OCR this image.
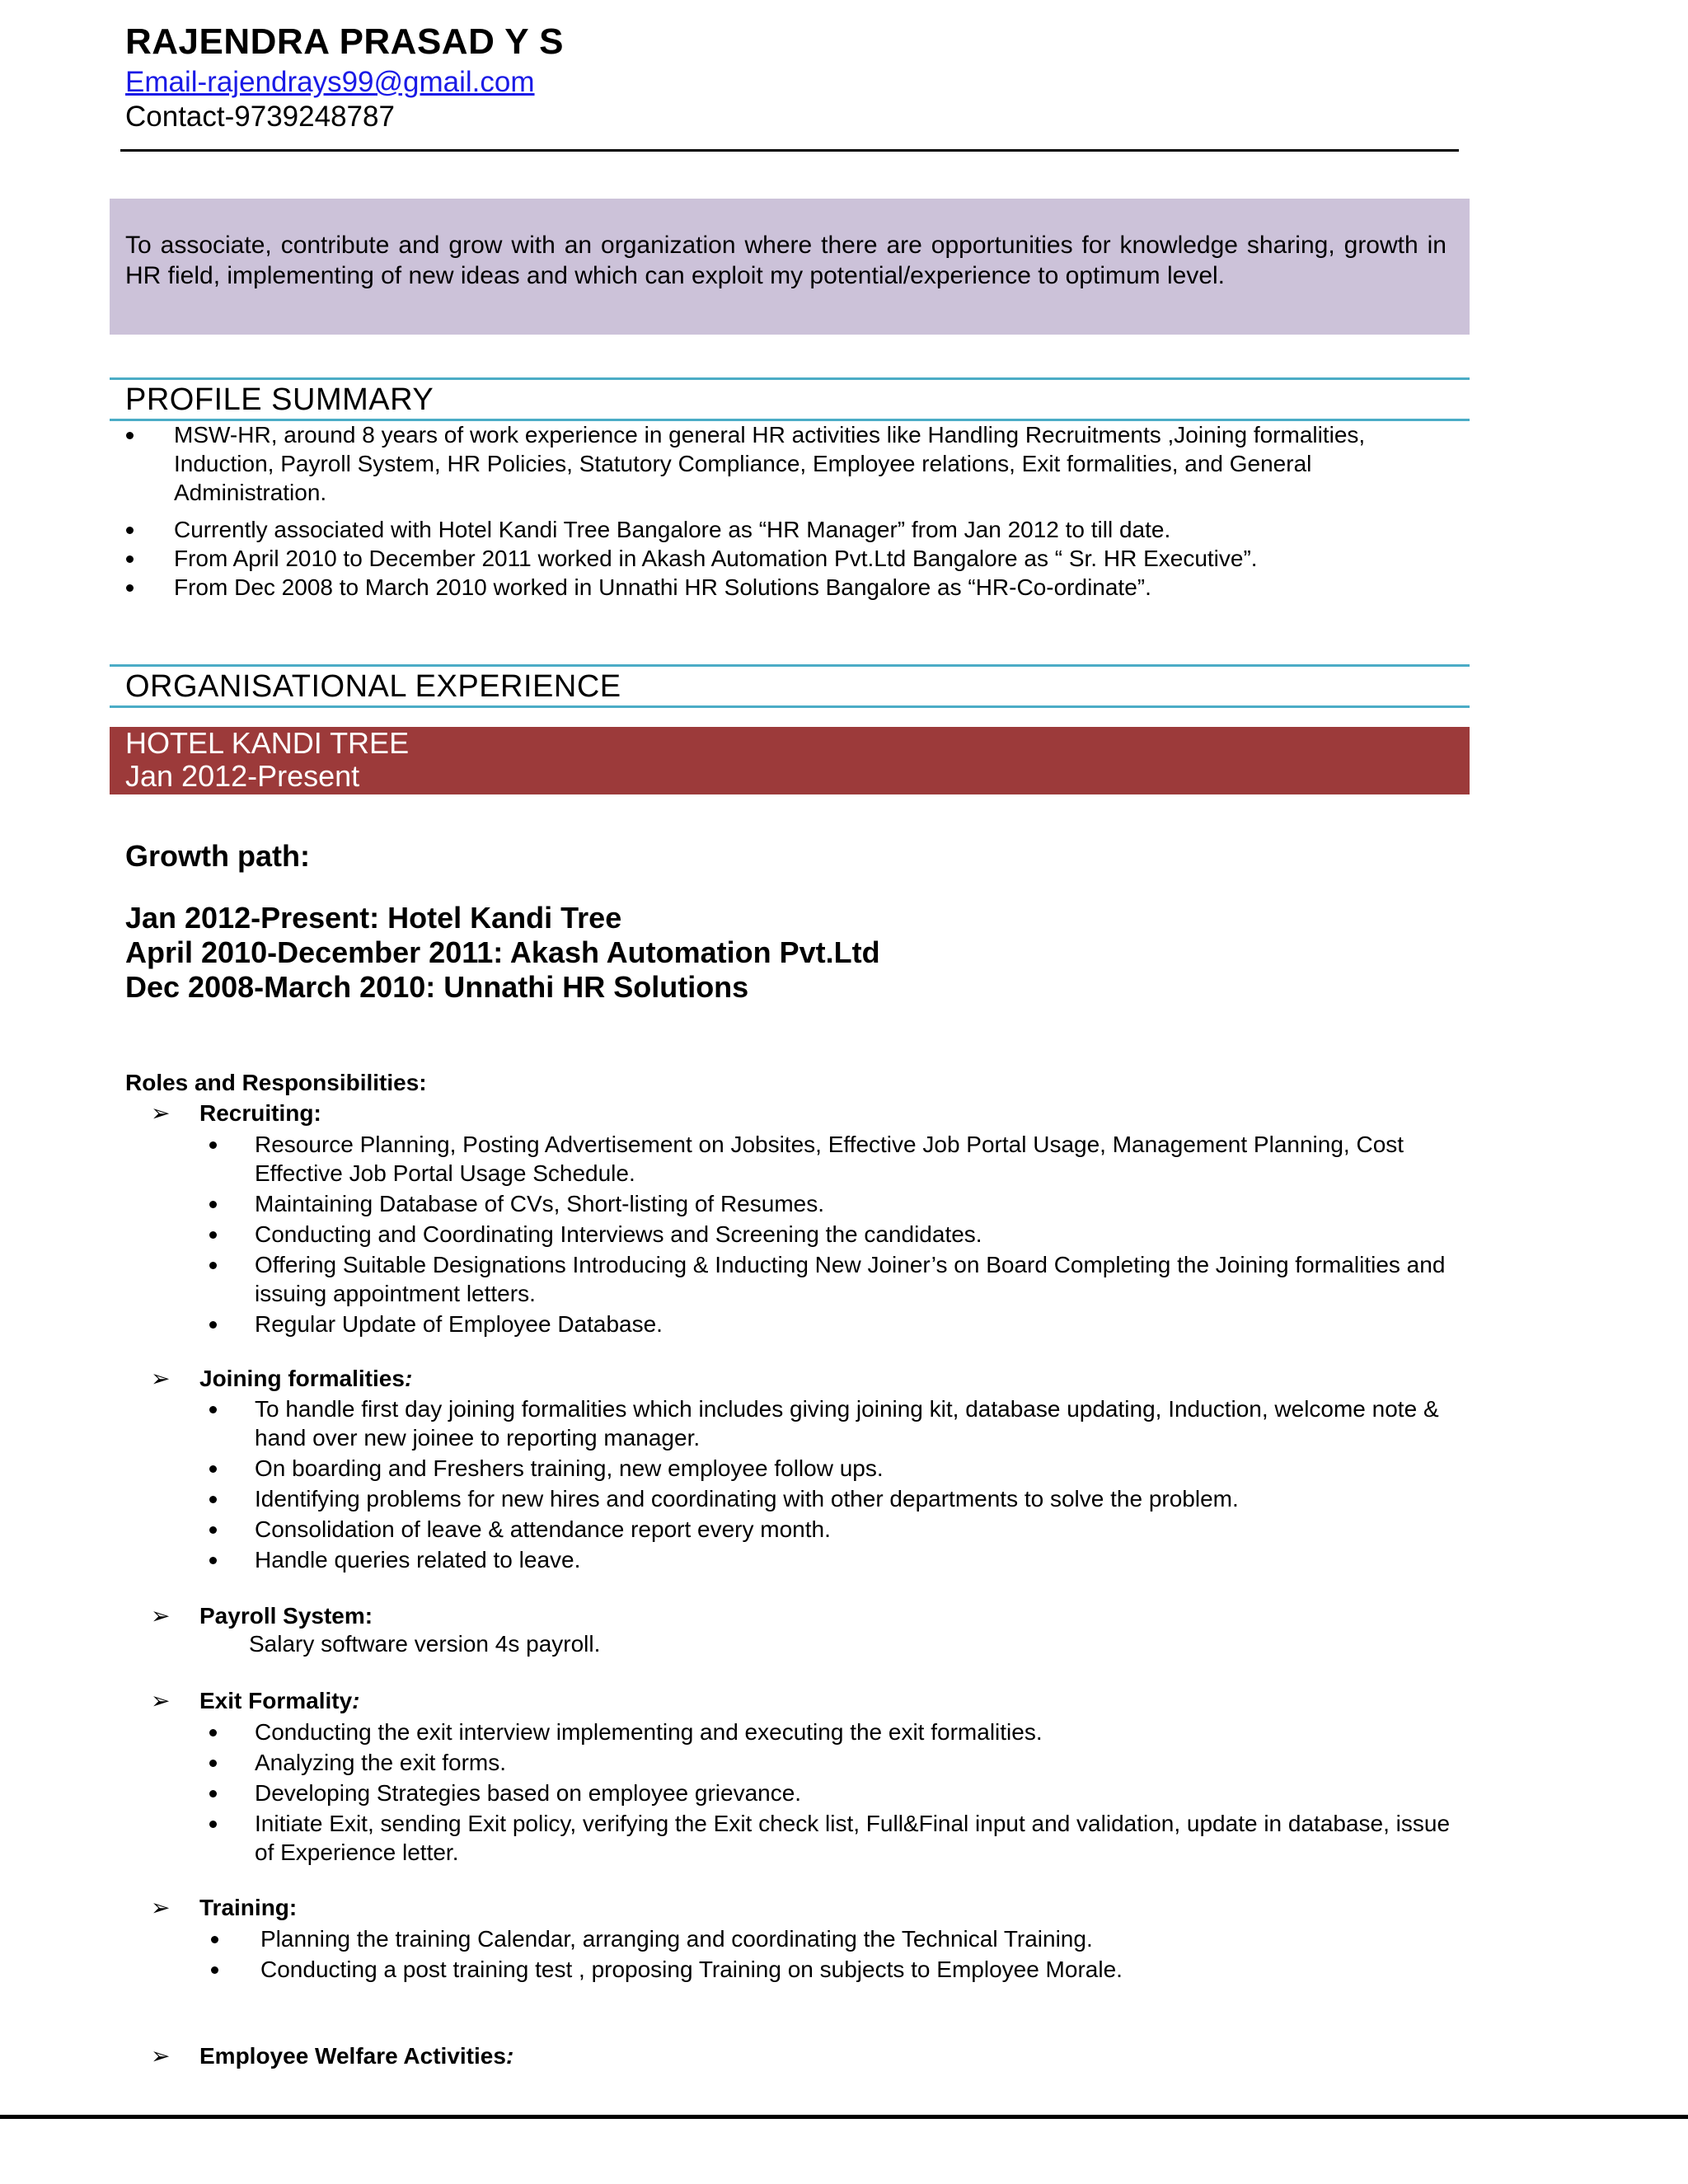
RAJENDRA PRASAD Y S
Email-rajendrays99@gmail.com
Contact-9739248787
To associate, contribute and grow with an organization where there are opportunities for knowledge sharing, growth in HR field, implementing of new ideas and which can exploit my potential/experience to optimum level.
PROFILE SUMMARY
MSW-HR, around 8 years of work experience in general HR activities like Handling Recruitments ,Joining formalities, Induction, Payroll System, HR Policies, Statutory Compliance, Employee relations, Exit formalities, and General Administration.
Currently associated with Hotel Kandi Tree Bangalore as “HR Manager” from Jan 2012 to till date.
From April 2010 to December 2011 worked in Akash Automation Pvt.Ltd Bangalore as “ Sr. HR Executive”.
From Dec 2008 to March 2010 worked in Unnathi HR Solutions Bangalore as “HR-Co-ordinate”.
ORGANISATIONAL EXPERIENCE
HOTEL KANDI TREE
Jan 2012-Present
Growth path:
Jan 2012-Present: Hotel Kandi Tree
April 2010-December 2011: Akash Automation Pvt.Ltd
Dec 2008-March 2010: Unnathi HR Solutions
Roles and Responsibilities:
➢ Recruiting:
Resource Planning, Posting Advertisement on Jobsites, Effective Job Portal Usage, Management Planning, Cost Effective Job Portal Usage Schedule.
Maintaining Database of CVs, Short-listing of Resumes.
Conducting and Coordinating Interviews and Screening the candidates.
Offering Suitable Designations Introducing & Inducting New Joiner’s on Board Completing the Joining formalities and issuing appointment letters.
Regular Update of Employee Database.
➢ Joining formalities:
To handle first day joining formalities which includes giving joining kit, database updating, Induction, welcome note & hand over new joinee to reporting manager.
On boarding and Freshers training, new employee follow ups.
Identifying problems for new hires and coordinating with other departments to solve the problem.
Consolidation of leave & attendance report every month.
Handle queries related to leave.
➢ Payroll System:
Salary software version 4s payroll.
➢ Exit Formality:
Conducting the exit interview implementing and executing the exit formalities.
Analyzing the exit forms.
Developing Strategies based on employee grievance.
Initiate Exit, sending Exit policy, verifying the Exit check list, Full&Final input and validation, update in database, issue of Experience letter.
➢ Training:
Planning the training Calendar, arranging and coordinating the Technical Training.
Conducting a post training test , proposing Training on subjects to Employee Morale.
➢ Employee Welfare Activities:
